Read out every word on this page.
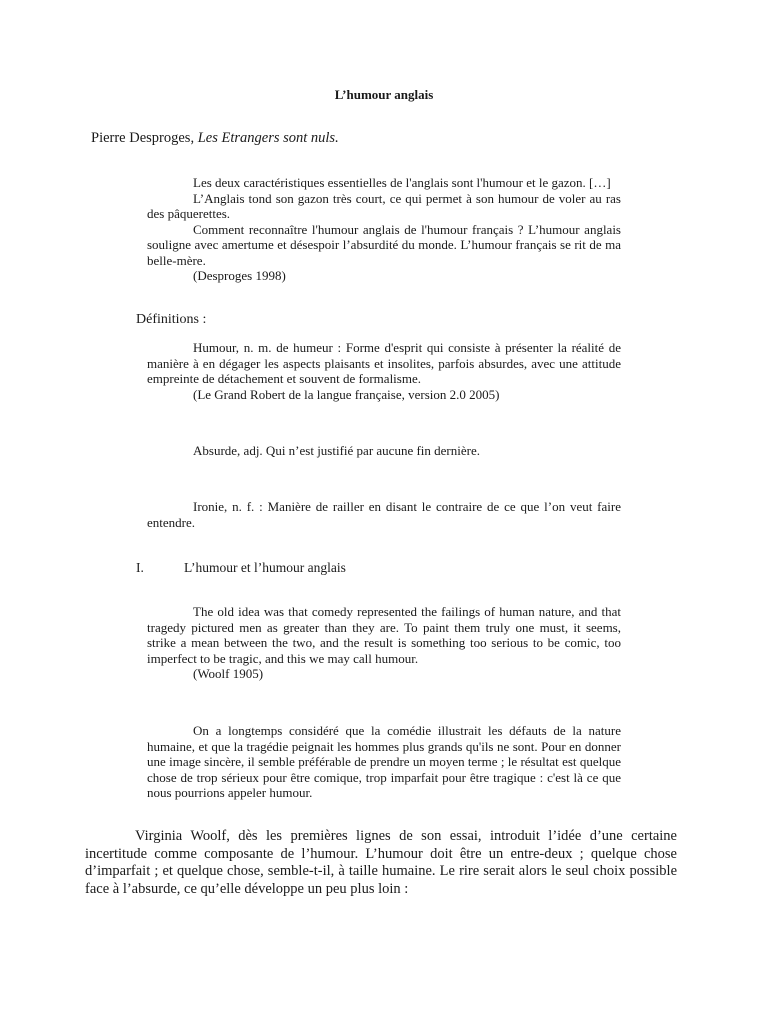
L’humour anglais
Pierre Desproges, Les Etrangers sont nuls.

Les deux caractéristiques essentielles de l'anglais sont l'humour et le gazon. […]

L’Anglais tond son gazon très court, ce qui permet à son humour de voler au ras des pâquerettes.

Comment reconnaître l'humour anglais de l'humour français ? L’humour anglais souligne avec amertume et désespoir l’absurdité du monde. L’humour français se rit de ma belle-mère.

(Desproges 1998)

Définitions :

Humour, n. m. de humeur : Forme d'esprit qui consiste à présenter la réalité de manière à en dégager les aspects plaisants et insolites, parfois absurdes, avec une attitude empreinte de détachement et souvent de formalisme.

(Le Grand Robert de la langue française, version 2.0 2005)

Absurde, adj. Qui n’est justifié par aucune fin dernière.

Ironie, n. f. : Manière de railler en disant le contraire de ce que l’on veut faire entendre.

I.	L’humour et l’humour anglais

The old idea was that comedy represented the failings of human nature, and that tragedy pictured men as greater than they are. To paint them truly one must, it seems, strike a mean between the two, and the result is something too serious to be comic, too imperfect to be tragic, and this we may call humour.

(Woolf 1905)

On a longtemps considéré que la comédie illustrait les défauts de la nature humaine, et que la tragédie peignait les hommes plus grands qu'ils ne sont. Pour en donner une image sincère, il semble préférable de prendre un moyen terme ; le résultat est quelque chose de trop sérieux pour être comique, trop imparfait pour être tragique : c'est là ce que nous pourrions appeler humour.

Virginia Woolf, dès les premières lignes de son essai, introduit l’idée d’une certaine incertitude comme composante de l’humour. L’humour doit être un entre-deux ; quelque chose d’imparfait ; et quelque chose, semble-t-il, à taille humaine. Le rire serait alors le seul choix possible face à l’absurde, ce qu’elle développe un peu plus loin :
